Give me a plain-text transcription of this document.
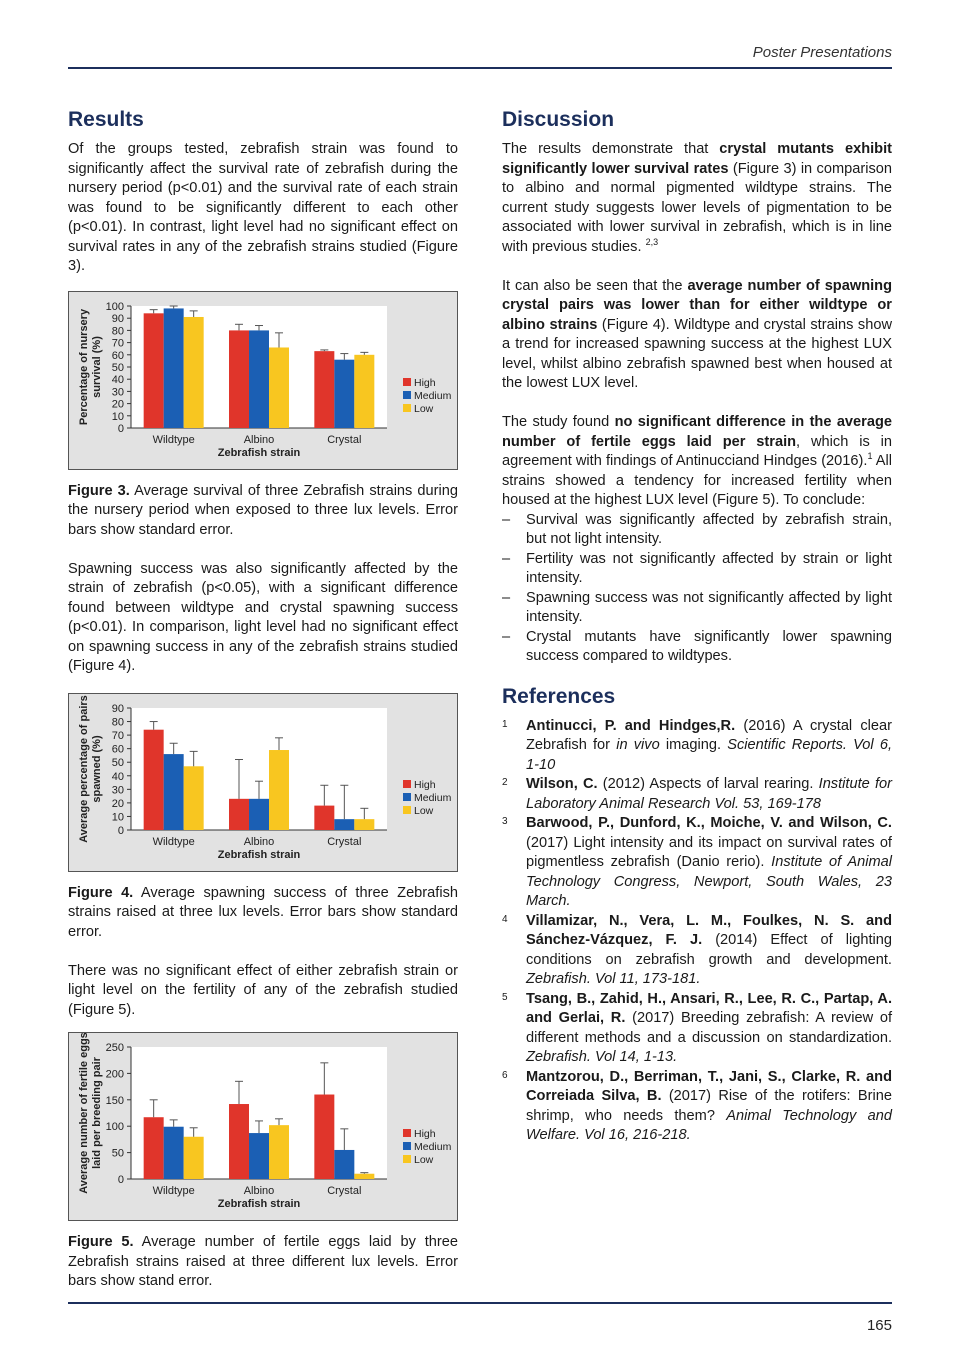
Poster Presentations
Results

Of the groups tested, zebrafish strain was found to significantly affect the survival rate of zebrafish during the nursery period (p<0.01) and the survival rate of each strain was found to be significantly different to each other (p<0.01). In contrast, light level had no significant effect on survival rates in any of the zebrafish strains studied (Figure 3).

0
10
20
30
40
50
60
70
80
90
100
Wildtype	Albino	Crystal
Zebrafish strain
Percentage of nursery survival (%)	High
Medium
Low

Figure 3. Average survival of three Zebrafish strains during the nursery period when exposed to three lux levels. Error bars show standard error.

Spawning success was also significantly affected by the strain of zebrafish (p<0.05), with a significant difference found between wildtype and crystal spawning success (p<0.01). In comparison, light level had no significant effect on spawning success in any of the zebrafish strains studied (Figure 4).

0
10
20
30
40
50
60
70
80
90
Wildtype	Albino	Crystal
Zebrafish strain
Average percentage of pairs spawned (%)	High
Medium
Low

Figure 4. Average spawning success of three Zebrafish strains raised at three lux levels. Error bars show standard error.

There was no significant effect of either zebrafish strain or light level on the fertility of any of the zebrafish studied (Figure 5).

0
50
100
150
200
250
Wildtype	Albino	Crystal
Zebrafish strain
Average number of fertile eggs laid per breeding pair	High
Medium
Low

Figure 5. Average number of fertile eggs laid by three Zebrafish strains raised at three different lux levels. Error bars show stand error.

Discussion

The results demonstrate that crystal mutants exhibit significantly lower survival rates (Figure 3) in comparison to albino and normal pigmented wildtype strains. The current study suggests lower levels of pigmentation to be associated with lower survival in zebrafish, which is in line with previous studies. $^{2,3}$

It can also be seen that the average number of spawning crystal pairs was lower than for either wildtype or albino strains (Figure 4). Wildtype and crystal strains show a trend for increased spawning success at the highest LUX level, whilst albino zebrafish spawned best when housed at the lowest LUX level.

The study found no significant difference in the average number of fertile eggs laid per strain, which is in agreement with findings of Antinucciand Hindges (2016).$^1$ All strains showed a tendency for increased fertility when housed at the highest LUX level (Figure 5). To conclude:

– Survival was significantly affected by zebrafish strain, but not light intensity.
– Fertility was not significantly affected by strain or light intensity.
– Spawning success was not significantly affected by light intensity.
– Crystal mutants have significantly lower spawning success compared to wildtypes.
References
1 Antinucci, P. and Hindges,R. (2016) A crystal clear Zebrafish for in vivo imaging. Scientific Reports. Vol 6, 1-10
2 Wilson, C. (2012) Aspects of larval rearing. Institute for Laboratory Animal Research Vol. 53, 169-178
3 Barwood, P., Dunford, K., Moiche, V. and Wilson, C. (2017) Light intensity and its impact on survival rates of pigmentless zebrafish (Danio rerio). Institute of Animal Technology Congress, Newport, South Wales, 23 March.
4 Villamizar, N., Vera, L. M., Foulkes, N. S. and Sánchez-Vázquez, F. J. (2014) Effect of lighting conditions on zebrafish growth and development. Zebrafish. Vol 11, 173-181.
5 Tsang, B., Zahid, H., Ansari, R., Lee, R. C., Partap, A. and Gerlai, R. (2017) Breeding zebrafish: A review of different methods and a discussion on standardization. Zebrafish. Vol 14, 1-13.
6 Mantzorou, D., Berriman, T., Jani, S., Clarke, R. and Correiada Silva, B. (2017) Rise of the rotifers: Brine shrimp, who needs them? Animal Technology and Welfare. Vol 16, 216-218.
165
